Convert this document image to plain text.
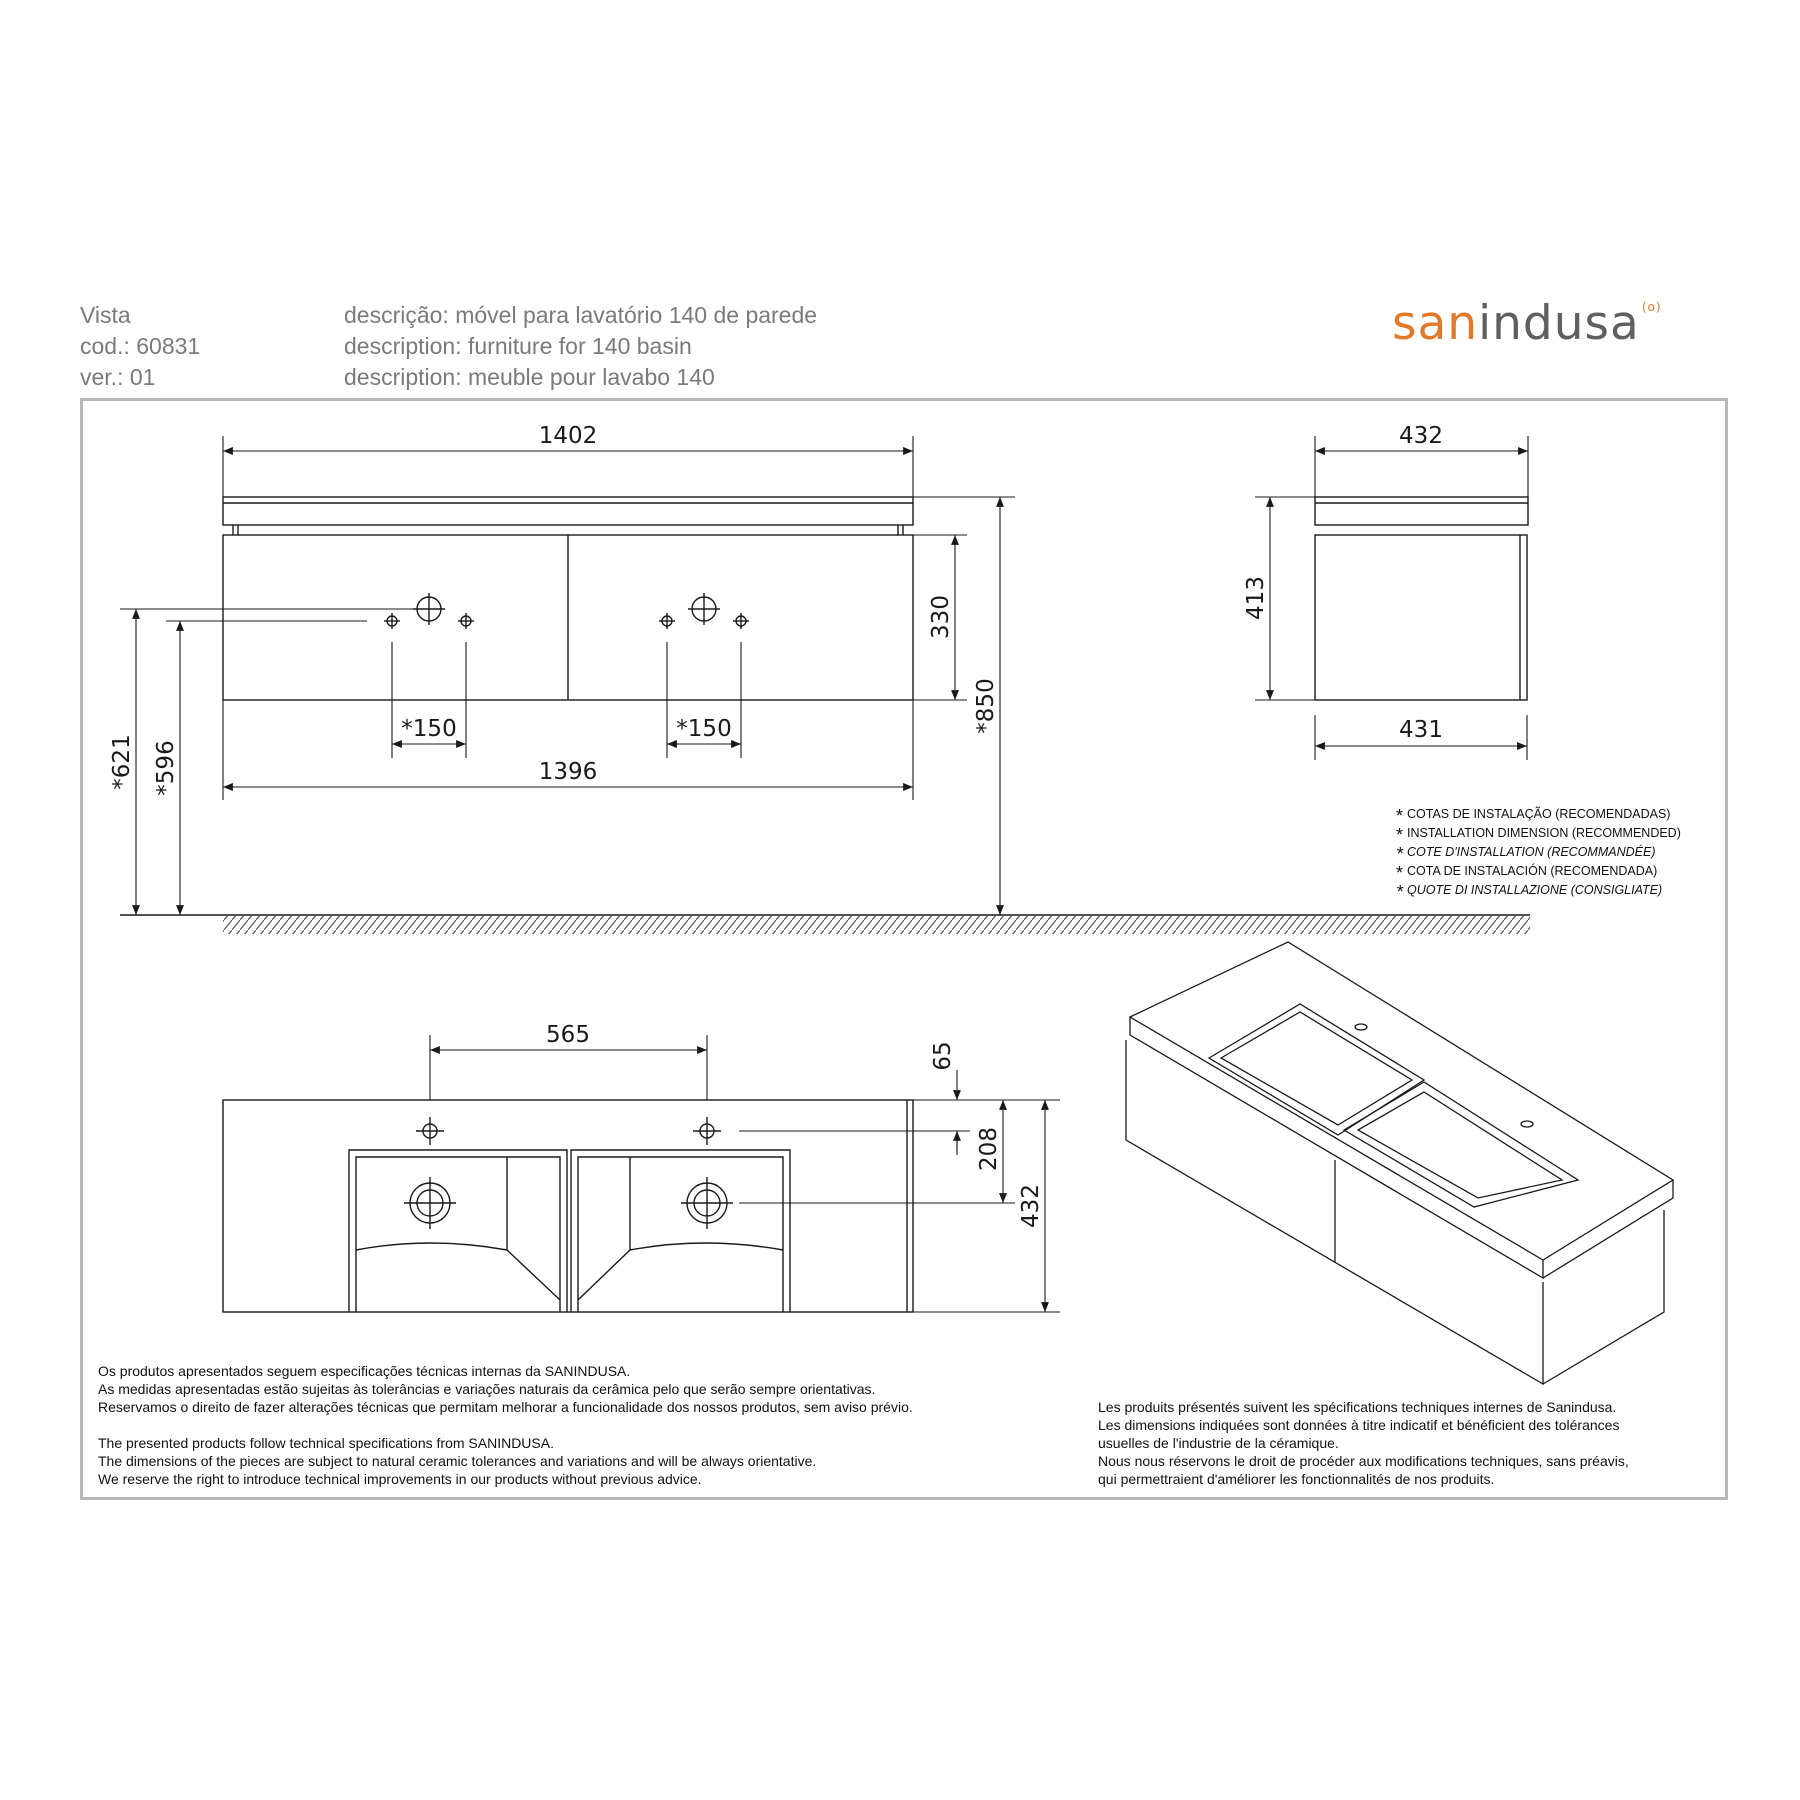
Vista
cod.: 60831
ver.: 01
descrição: móvel para lavatório 140 de parede
description: furniture for 140 basin
description: meuble pour lavabo 140
sanindusa $^{(o)}$
1402
1396
*150	*150
330
*850
*621 *596
432
413
431
565
65
208
432
* COTAS DE INSTALAÇÃO (RECOMENDADAS)
* INSTALLATION DIMENSION (RECOMMENDED)
* COTE D'INSTALLATION (RECOMMANDÉE)
* COTA DE INSTALACIÓN (RECOMENDADA)
* QUOTE DI INSTALLAZIONE (CONSIGLIATE)
Os produtos apresentados seguem especificações técnicas internas da SANINDUSA.
As medidas apresentadas estão sujeitas às tolerâncias e variações naturais da cerâmica pelo que serão sempre orientativas.
Reservamos o direito de fazer alterações técnicas que permitam melhorar a funcionalidade dos nossos produtos, sem aviso prévio.
The presented products follow technical specifications from SANINDUSA.
The dimensions of the pieces are subject to natural ceramic tolerances and variations and will be always orientative.
We reserve the right to introduce technical improvements in our products without previous advice.
Les produits présentés suivent les spécifications techniques internes de Sanindusa.
Les dimensions indiquées sont données à titre indicatif et bénéficient des tolérances
usuelles de l'industrie de la céramique.
Nous nous réservons le droit de procéder aux modifications techniques, sans préavis,
qui permettraient d'améliorer les fonctionnalités de nos produits.
